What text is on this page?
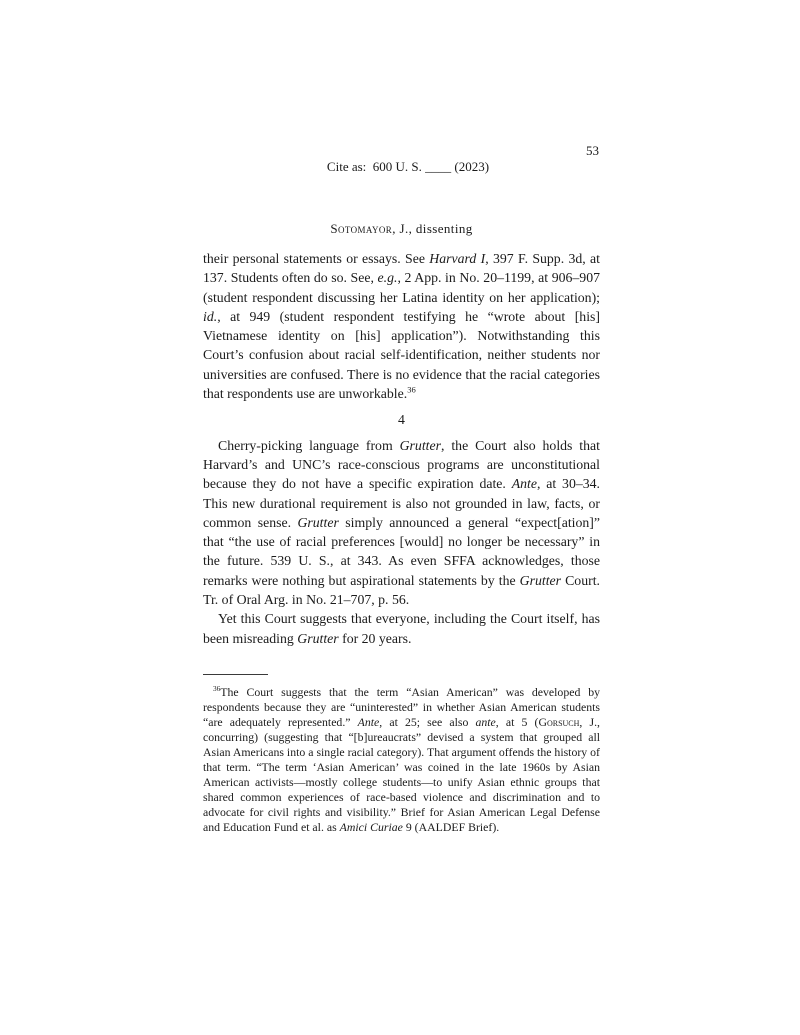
Cite as:  600 U. S. ____ (2023)

53

Sotomayor, J., dissenting

their personal statements or essays. See Harvard I, 397 F. Supp. 3d, at 137. Students often do so. See, e.g., 2 App. in No. 20–1199, at 906–907 (student respondent discussing her Latina identity on her application); id., at 949 (student respondent testifying he “wrote about [his] Vietnamese identity on [his] application”). Notwithstanding this Court’s confusion about racial self-identification, neither students nor universities are confused. There is no evidence that the racial categories that respondents use are unworkable.$^{36}$

4

Cherry-picking language from Grutter, the Court also holds that Harvard’s and UNC’s race-conscious programs are unconstitutional because they do not have a specific expiration date. Ante, at 30–34. This new durational requirement is also not grounded in law, facts, or common sense. Grutter simply announced a general “expect[ation]” that “the use of racial preferences [would] no longer be necessary” in the future. 539 U. S., at 343. As even SFFA acknowledges, those remarks were nothing but aspirational statements by the Grutter Court. Tr. of Oral Arg. in No. 21–707, p. 56.

Yet this Court suggests that everyone, including the Court itself, has been misreading Grutter for 20 years.

$^{36}$The Court suggests that the term “Asian American” was developed by respondents because they are “uninterested” in whether Asian American students “are adequately represented.” Ante, at 25; see also ante, at 5 (Gorsuch, J., concurring) (suggesting that “[b]ureaucrats” devised a system that grouped all Asian Americans into a single racial category). That argument offends the history of that term. “The term ‘Asian American’ was coined in the late 1960s by Asian American activists—mostly college students—to unify Asian ethnic groups that shared common experiences of race-based violence and discrimination and to advocate for civil rights and visibility.” Brief for Asian American Legal Defense and Education Fund et al. as Amici Curiae 9 (AALDEF Brief).
